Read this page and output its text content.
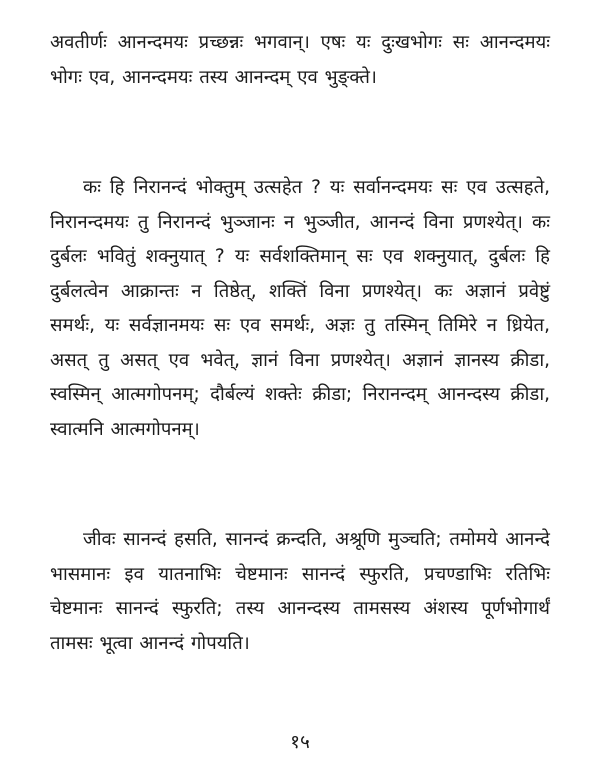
अवतीर्णः आनन्दमयः प्रच्छन्नः भगवान्। एषः यः दुःखभोगः सः आनन्दमयः भोगः एव, आनन्दमयः तस्य आनन्दम् एव भुङ्क्ते।

कः हि निरानन्दं भोक्तुम् उत्सहेत ? यः सर्वानन्दमयः सः एव उत्सहते, निरानन्दमयः तु निरानन्दं भुञ्जानः न भुञ्जीत, आनन्दं विना प्रणश्येत्। कः दुर्बलः भवितुं शक्नुयात् ? यः सर्वशक्तिमान् सः एव शक्नुयात्, दुर्बलः हि दुर्बलत्वेन आक्रान्तः न तिष्ठेत्, शक्तिं विना प्रणश्येत्। कः अज्ञानं प्रवेष्टुं समर्थः, यः सर्वज्ञानमयः सः एव समर्थः, अज्ञः तु तस्मिन् तिमिरे न ध्रियेत, असत् तु असत् एव भवेत्, ज्ञानं विना प्रणश्येत्। अज्ञानं ज्ञानस्य क्रीडा, स्वस्मिन् आत्मगोपनम्; दौर्बल्यं शक्तेः क्रीडा; निरानन्दम् आनन्दस्य क्रीडा, स्वात्मनि आत्मगोपनम्।

जीवः सानन्दं हसति, सानन्दं क्रन्दति, अश्रूणि मुञ्चति; तमोमये आनन्दे भासमानः इव यातनाभिः चेष्टमानः सानन्दं स्फुरति, प्रचण्डाभिः रतिभिः चेष्टमानः सानन्दं स्फुरति; तस्य आनन्दस्य तामसस्य अंशस्य पूर्णभोगार्थं तामसः भूत्वा आनन्दं गोपयति।

१५
